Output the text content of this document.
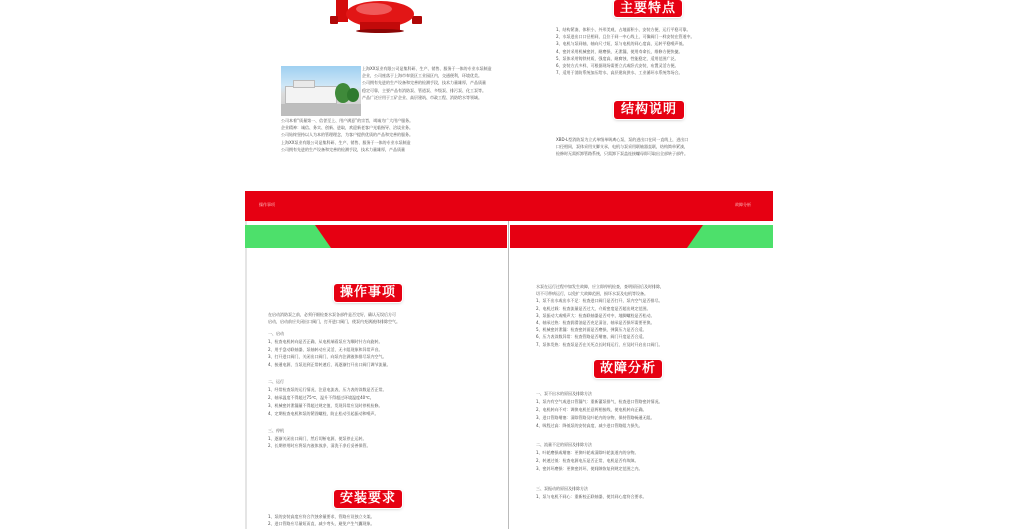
上海XX泵业有限公司是集科研、生产、销售、服务于一体的专业水泵制造

企业，公司座落于上海市奉贤区工业园区内，交通便利，环境优美。

公司拥有先进的生产设备和完善的检测手段，技术力量雄厚，产品质量

稳定可靠，主要产品有消防泵、管道泵、多级泵、排污泵、化工泵等。

产品广泛应用于工矿企业、高层建筑、市政工程、消防给水等领域。

公司本着“质量第一、信誉至上、用户满意”的宗旨，竭诚为广大用户服务。

企业精神：诚信、务实、创新、进取，欢迎新老客户光临指导、洽谈业务。

公司始终坚持以人为本的管理理念，为客户提供优质的产品和完善的服务。

上海XX泵业有限公司是集科研、生产、销售、服务于一体的专业水泵制造

公司拥有先进的生产设备和完善的检测手段，技术力量雄厚，产品质量

主要特点

1、结构紧凑，体积小，外形美观，占地面积小，安装方便，运行平稳可靠。

2、水泵进出口口径相同，且位于同一中心线上，可像阀门一样安装在管道中。

3、电机与泵同轴，轴向尺寸短，泵与电机的同心度高，运转平稳噪声低。

4、密封采用机械密封，耐磨损，无泄漏，使用寿命长，维修方便快捷。

5、泵体采用铸铁材质，强度高，耐腐蚀，性能稳定，适用范围广泛。

6、安装方式多样，可根据现场需要立式或卧式安装，布置灵活方便。

7、适用于消防系统加压给水、高层建筑供水、工业循环水系统等场合。

结构说明

XBD-L型消防泵为立式单级单吸离心泵，泵的进出口在同一直线上，进出口

口径相同，泵体采用支脚支承，电机与泵采用联轴器直联，结构简单紧凑，

检修时无需拆卸管路系统，只需卸下泵盖连接螺母即可取出全部转子部件。

操作事项	故障分析
操作事项

在启动消防泵之前，必须仔细检查水泵各部件是否完好，确认无误后方可

启动，启动前应关闭出口阀门，打开进口阀门，使泵内充满液体排除空气。

一、启动

1、检查电机转向是否正确，从电机端看泵应为顺时针方向旋转。

2、用手盘动联轴器，泵轴转动应灵活，无卡阻现象和异常声音。

3、打开进口阀门，关闭出口阀门，向泵内注满液体排尽泵内空气。

4、接通电源，当泵达到正常转速后，再逐渐打开出口阀门调节流量。

二、运行

1、经常检查泵的运行情况，注意电流表、压力表的读数是否正常。

2、轴承温度不得超过75℃，温升不得超过环境温度40℃。

3、机械密封泄漏量不得超过规定值，发现异常应及时停机检修。

4、定期检查电机和泵的紧固螺栓，防止松动引起振动和噪声。

三、停机

1、逐渐关闭出口阀门，然后切断电源，使泵停止运转。

2、长期停用时应将泵内液体放净，清洗干净后妥善保管。

安装要求

1、泵的安装高度应符合汽蚀余量要求，管路应设独立支架。

2、进口管路应尽量短而直，减少弯头，避免产生气囊现象。

水泵在运行过程中如发生故障，应立即停机检查，查明原因后及时排除，

切不可带病运行，以免扩大故障范围，损坏水泵及电机等设备。

1、泵不出水或出水不足：检查进口阀门是否打开，泵内空气是否排尽。

2、电机过载：检查流量是否过大，介质密度是否超出规定范围。

3、泵振动大或噪声大：检查联轴器是否对中，地脚螺栓是否松动。

4、轴承过热：检查润滑油是否充足清洁，轴承是否损坏需要更换。

5、机械密封泄漏：检查密封面是否磨损，弹簧压力是否合适。

6、压力表读数异常：检查管路是否堵塞，阀门开度是否合适。

7、泵体发热：检查泵是否在关死点长时间运行，应及时开启出口阀门。

故障分析

一、泵不出水的原因及排除方法

1、泵内有空气或进口管漏气：重新灌泵排气，检查进口管路密封情况。

2、电机转向不对：调换电机任意两相接线，使电机转向正确。

3、进口管路堵塞：清除管路及叶轮内的杂物，保持管路畅通无阻。

4、吸程过高：降低泵的安装高度，减少进口管路阻力损失。

二、流量不足的原因及排除方法

1、叶轮磨损或堵塞：更换叶轮或清除叶轮流道内的杂物。

2、转速过低：检查电源电压是否正常，电机是否有故障。

3、密封环磨损：更换密封环，使间隙恢复到规定范围之内。

三、泵振动的原因及排除方法

1、泵与电机不同心：重新校正联轴器，使其同心度符合要求。
